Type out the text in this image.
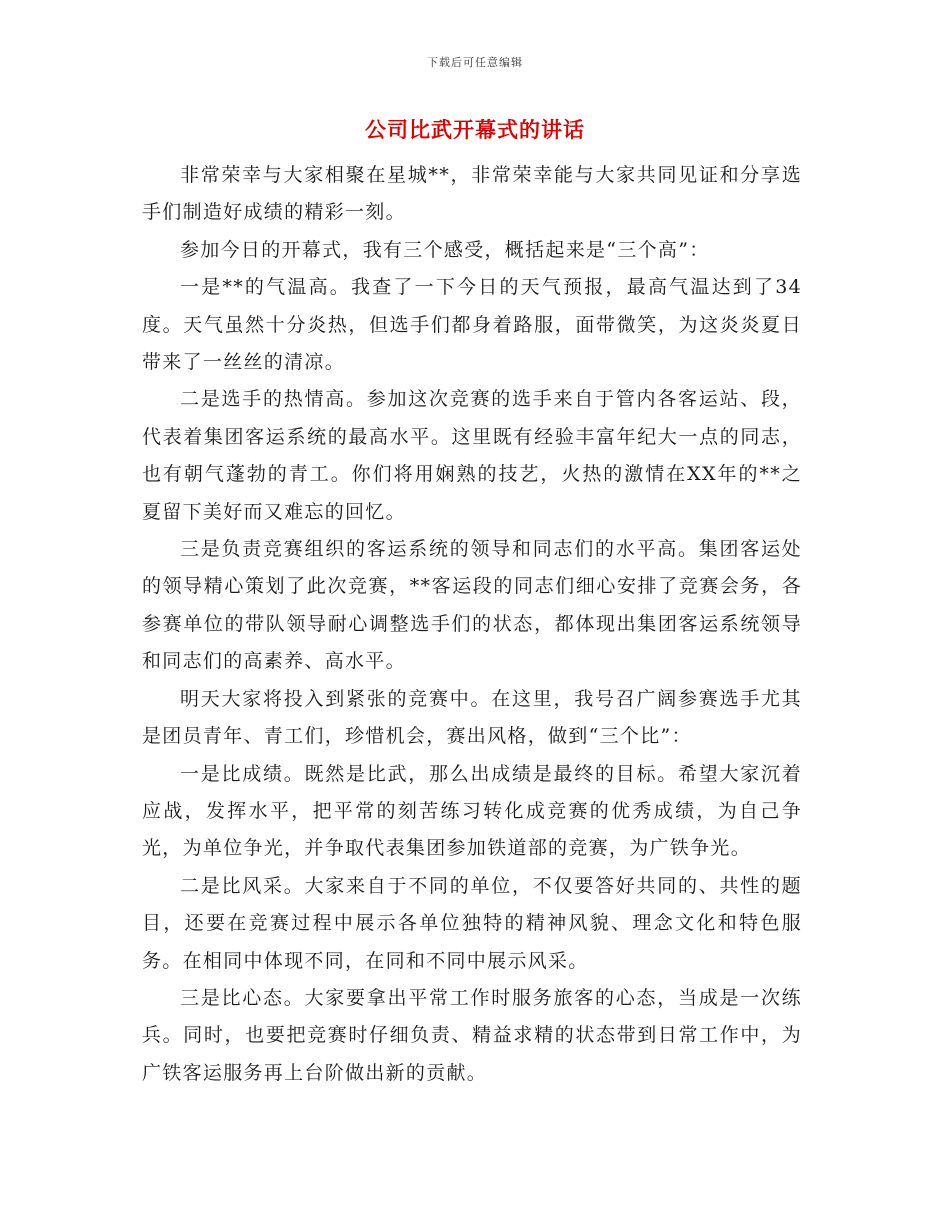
下载后可任意编辑
公司比武开幕式的讲话

非常荣幸与大家相聚在星城**，非常荣幸能与大家共同见证和分享选手们制造好成绩的精彩一刻。

参加今日的开幕式，我有三个感受，概括起来是“三个高”：

一是**的气温高。我查了一下今日的天气预报，最高气温达到了34度。天气虽然十分炎热，但选手们都身着路服，面带微笑，为这炎炎夏日带来了一丝丝的清凉。

二是选手的热情高。参加这次竞赛的选手来自于管内各客运站、段，代表着集团客运系统的最高水平。这里既有经验丰富年纪大一点的同志，也有朝气蓬勃的青工。你们将用娴熟的技艺，火热的激情在XX年的**之夏留下美好而又难忘的回忆。

三是负责竞赛组织的客运系统的领导和同志们的水平高。集团客运处的领导精心策划了此次竞赛，**客运段的同志们细心安排了竞赛会务，各参赛单位的带队领导耐心调整选手们的状态，都体现出集团客运系统领导和同志们的高素养、高水平。

明天大家将投入到紧张的竞赛中。在这里，我号召广阔参赛选手尤其是团员青年、青工们，珍惜机会，赛出风格，做到“三个比”：

一是比成绩。既然是比武，那么出成绩是最终的目标。希望大家沉着应战，发挥水平，把平常的刻苦练习转化成竞赛的优秀成绩，为自己争光，为单位争光，并争取代表集团参加铁道部的竞赛，为广铁争光。

二是比风采。大家来自于不同的单位，不仅要答好共同的、共性的题目，还要在竞赛过程中展示各单位独特的精神风貌、理念文化和特色服务。在相同中体现不同，在同和不同中展示风采。

三是比心态。大家要拿出平常工作时服务旅客的心态，当成是一次练兵。同时，也要把竞赛时仔细负责、精益求精的状态带到日常工作中，为广铁客运服务再上台阶做出新的贡献。
